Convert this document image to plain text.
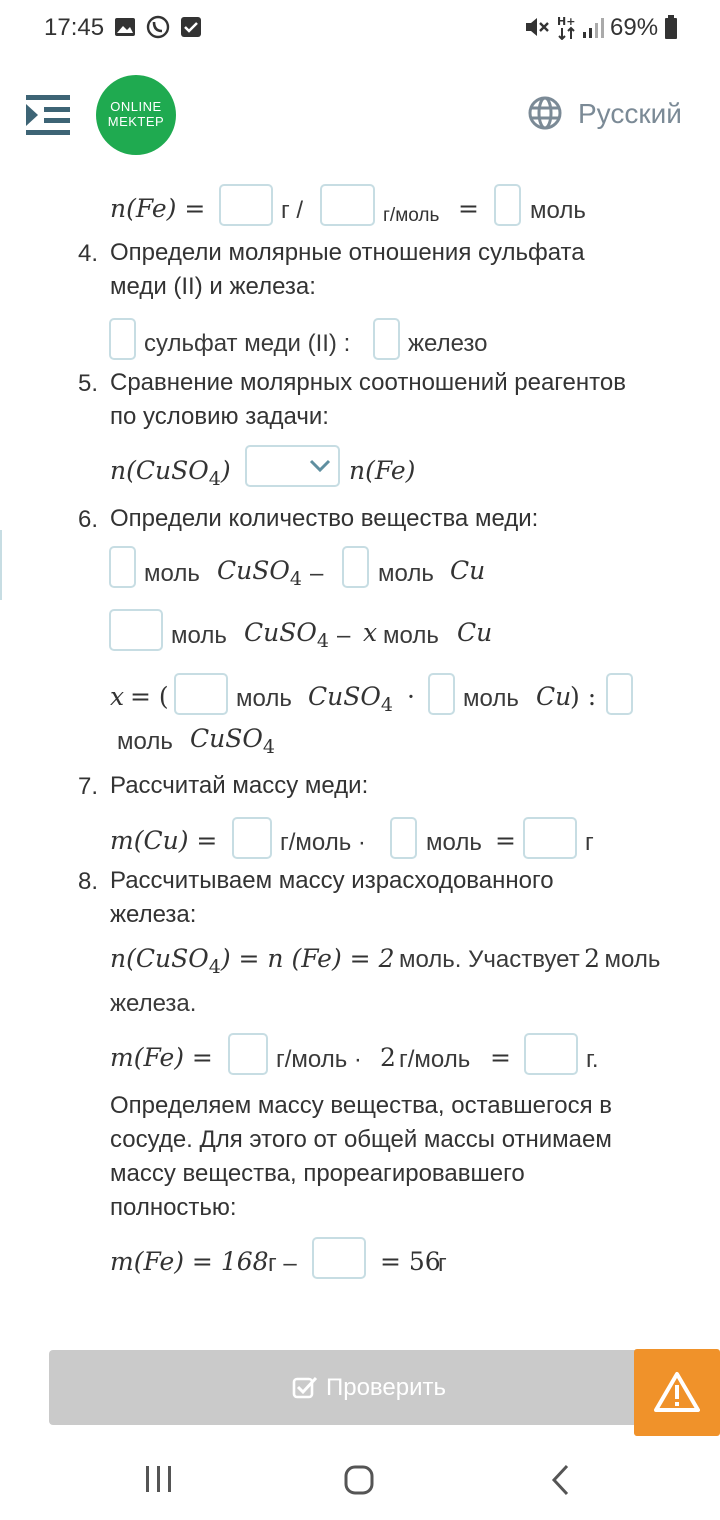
17:45	H+ 69%
ONLINE
MEKTEP	Русский
n(Fe) =	г /	г/моль = моль
4. Определи молярные отношения сульфата
меди (II) и железа:
сульфат меди (II) : железо
5. Сравнение молярных соотношений реагентов
по условию задачи:
n(CuSO$_4$)	n(Fe)
6. Определи количество вещества меди:
моль CuSO$_4$ – моль Cu
моль CuSO$_4$ – x моль Cu
x = (	моль CuSO$_4$ · моль Cu
) :
моль CuSO$_4$
7. Рассчитай массу меди:
m(Cu) =	г/моль ·	моль =	г
8. Рассчитываем массу израсходованного
железа:
n(CuSO4) = n (Fe) = 2 моль. Участвует 2 моль
железа.
m(Fe) =	г/моль · 2 г/моль =	г.
Определяем массу вещества, оставшегося в
сосуде. Для этого от общей массы отнимаем
массу вещества, прореагировавшего
полностью:
m(Fe) = 168 г –	= 56
г
Проверить
